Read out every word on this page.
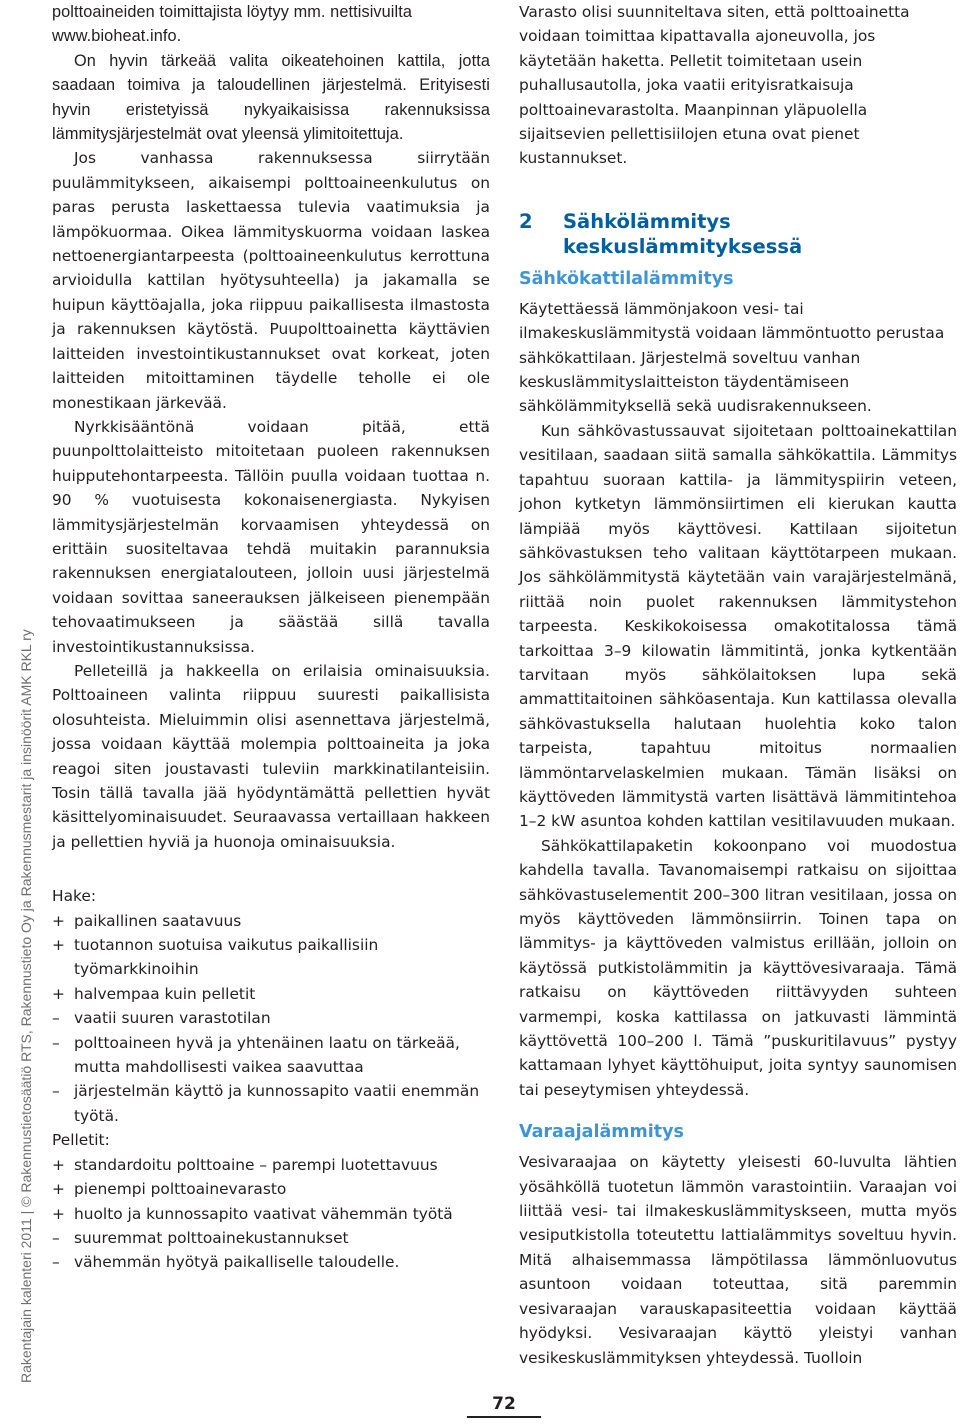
Rakentajain kalenteri 2011 | © Rakennustietosäätiö RTS, Rakennustieto Oy ja Rakennusmestarit ja insinöörit AMK RKL ry
polttoaineiden toimittajista löytyy mm. nettisivuilta
www.bioheat.info.

On hyvin tärkeää valita oikeatehoinen kattila, jotta saadaan toimiva ja taloudellinen järjestelmä. Erityisesti hyvin eristetyissä nykyaikaisissa rakennuksissa lämmitysjärjestelmät ovat yleensä ylimitoitettuja.

Jos vanhassa rakennuksessa siirrytään puulämmitykseen, aikaisempi polttoaineenkulutus on paras perusta laskettaessa tulevia vaatimuksia ja lämpökuormaa. Oikea lämmityskuorma voidaan laskea nettoenergiantarpeesta (polttoaineenkulutus kerrottuna arvioidulla kattilan hyötysuhteella) ja jakamalla se huipun käyttöajalla, joka riippuu paikallisesta ilmastosta ja rakennuksen käytöstä. Puupolttoainetta käyttävien laitteiden investointikustannukset ovat korkeat, joten laitteiden mitoittaminen täydelle teholle ei ole monestikaan järkevää.

Nyrkkisääntönä voidaan pitää, että puunpolttolaitteisto mitoitetaan puoleen rakennuksen huipputehontarpeesta. Tällöin puulla voidaan tuottaa n. 90 % vuotuisesta kokonaisenergiasta. Nykyisen lämmitysjärjestelmän korvaamisen yhteydessä on erittäin suositeltavaa tehdä muitakin parannuksia rakennuksen energiatalouteen, jolloin uusi järjestelmä voidaan sovittaa saneerauksen jälkeiseen pienempään tehovaatimukseen ja säästää sillä tavalla investointikustannuksissa.

Pelleteillä ja hakkeella on erilaisia ominaisuuksia. Polttoaineen valinta riippuu suuresti paikallisista olosuhteista. Mieluimmin olisi asennettava järjestelmä, jossa voidaan käyttää molempia polttoaineita ja joka reagoi siten joustavasti tuleviin markkinatilanteisiin. Tosin tällä tavalla jää hyödyntämättä pellettien hyvät käsittelyominaisuudet. Seuraavassa vertaillaan hakkeen ja pellettien hyviä ja huonoja ominaisuuksia.

Hake:
+ paikallinen saatavuus
+ tuotannon suotuisa vaikutus paikallisiin työmarkkinoihin
+ halvempaa kuin pelletit
– vaatii suuren varastotilan
– polttoaineen hyvä ja yhtenäinen laatu on tärkeää, mutta mahdollisesti vaikea saavuttaa
– järjestelmän käyttö ja kunnossapito vaatii enemmän työtä.
Pelletit:
+ standardoitu polttoaine – parempi luotettavuus
+ pienempi polttoainevarasto
+ huolto ja kunnossapito vaativat vähemmän työtä
– suuremmat polttoainekustannukset
– vähemmän hyötyä paikalliselle taloudelle.

Varasto olisi suunniteltava siten, että polttoainetta voidaan toimittaa kipattavalla ajoneuvolla, jos käytetään haketta. Pelletit toimitetaan usein puhallusautolla, joka vaatii erityisratkaisuja polttoainevarastolta. Maanpinnan yläpuolella sijaitsevien pellettisiilojen etuna ovat pienet kustannukset.

2	Sähkölämmitys keskuslämmityksessä
Sähkökattilalämmitys

Käytettäessä lämmönjakoon vesi- tai ilmakeskuslämmitystä voidaan lämmöntuotto perustaa sähkökattilaan. Järjestelmä soveltuu vanhan keskuslämmityslaitteiston täydentämiseen sähkölämmityksellä sekä uudisrakennukseen.

Kun sähkövastussauvat sijoitetaan polttoainekattilan vesitilaan, saadaan siitä samalla sähkökattila. Lämmitys tapahtuu suoraan kattila- ja lämmityspiirin veteen, johon kytketyn lämmönsiirtimen eli kierukan kautta lämpiää myös käyttövesi. Kattilaan sijoitetun sähkövastuksen teho valitaan käyttötarpeen mukaan. Jos sähkölämmitystä käytetään vain varajärjestelmänä, riittää noin puolet rakennuksen lämmitystehon tarpeesta. Keskikokoisessa omakotitalossa tämä tarkoittaa 3–9 kilowatin lämmitintä, jonka kytkentään tarvitaan myös sähkölaitoksen lupa sekä ammattitaitoinen sähköasentaja. Kun kattilassa olevalla sähkövastuksella halutaan huolehtia koko talon tarpeista, tapahtuu mitoitus normaalien lämmöntarvelaskelmien mukaan. Tämän lisäksi on käyttöveden lämmitystä varten lisättävä lämmitintehoa 1–2 kW asuntoa kohden kattilan vesitilavuuden mukaan.

Sähkökattilapaketin kokoonpano voi muodostua kahdella tavalla. Tavanomaisempi ratkaisu on sijoittaa sähkövastuselementit 200–300 litran vesitilaan, jossa on myös käyttöveden lämmönsiirrin. Toinen tapa on lämmitys- ja käyttöveden valmistus erillään, jolloin on käytössä putkistolämmitin ja käyttövesivaraaja. Tämä ratkaisu on käyttöveden riittävyyden suhteen varmempi, koska kattilassa on jatkuvasti lämmintä käyttövettä 100–200 l. Tämä ”puskuritilavuus” pystyy kattamaan lyhyet käyttöhuiput, joita syntyy saunomisen tai peseytymisen yhteydessä.

Varaajalämmitys

Vesivaraajaa on käytetty yleisesti 60-luvulta lähtien yösähköllä tuotetun lämmön varastointiin. Varaajan voi liittää vesi- tai ilmakeskuslämmityskseen, mutta myös vesiputkistolla toteutettu lattialämmitys soveltuu hyvin. Mitä alhaisemmassa lämpötilassa lämmönluovutus asuntoon voidaan toteuttaa, sitä paremmin vesivaraajan varauskapasiteettia voidaan käyttää hyödyksi. Vesivaraajan käyttö yleistyi vanhan vesikeskuslämmityksen yhteydessä. Tuolloin

72
